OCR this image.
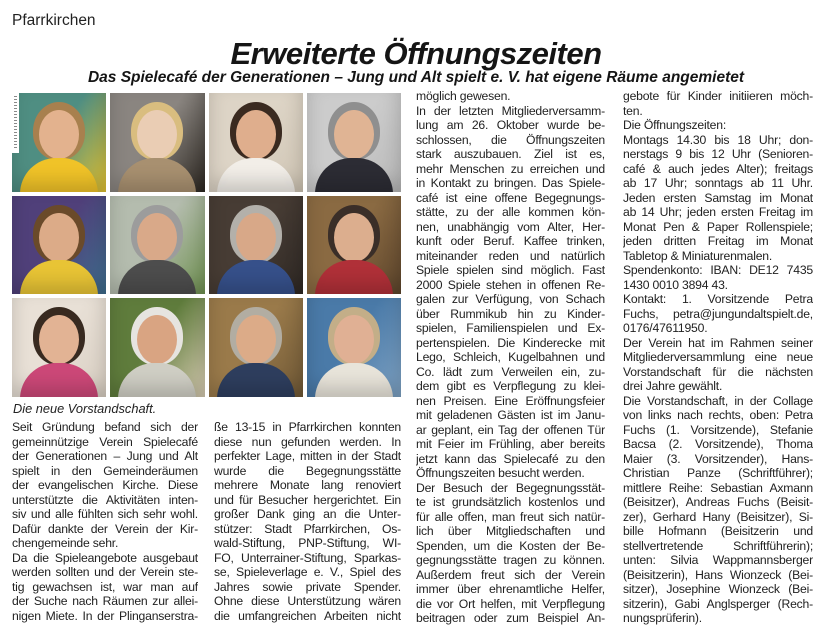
Pfarrkirchen
Erweiterte Öffnungszeiten
Das Spielecafé der Generationen – Jung und Alt spielt e. V. hat eigene Räume angemietet
Die neue Vorstandschaft.
Seit Gründung befand sich der
gemeinnützige Verein Spielecafé
der Generationen – Jung und Alt
spielt in den Gemeinderäumen
der evangelischen Kirche. Diese
unterstützte die Aktivitäten inten-
siv und alle fühlten sich sehr wohl.
Dafür dankte der Verein der Kir-
chengemeinde sehr.
Da die Spieleangebote ausgebaut
werden sollten und der Verein ste-
tig gewachsen ist, war man auf
der Suche nach Räumen zur allei-
nigen Miete. In der Plinganserstra-
ße 13-15 in Pfarrkirchen konnten
diese nun gefunden werden. In
perfekter Lage, mitten in der Stadt
wurde die Begegnungsstätte
mehrere Monate lang renoviert
und für Besucher hergerichtet. Ein
großer Dank ging an die Unter-
stützer: Stadt Pfarrkirchen, Os-
wald-Stiftung, PNP-Stiftung, WI-
FO, Unterrainer-Stiftung, Sparkas-
se, Spieleverlage e. V., Spiel des
Jahres sowie private Spender.
Ohne diese Unterstützung wären
die umfangreichen Arbeiten nicht
möglich gewesen.
In der letzten Mitgliederversamm-
lung am 26. Oktober wurde be-
schlossen, die Öffnungszeiten
stark auszubauen. Ziel ist es,
mehr Menschen zu erreichen und
in Kontakt zu bringen. Das Spiele-
café ist eine offene Begegnungs-
stätte, zu der alle kommen kön-
nen, unabhängig vom Alter, Her-
kunft oder Beruf. Kaffee trinken,
miteinander reden und natürlich
Spiele spielen sind möglich. Fast
2000 Spiele stehen in offenen Re-
galen zur Verfügung, von Schach
über Rummikub hin zu Kinder-
spielen, Familienspielen und Ex-
pertenspielen. Die Kinderecke mit
Lego, Schleich, Kugelbahnen und
Co. lädt zum Verweilen ein, zu-
dem gibt es Verpflegung zu klei-
nen Preisen. Eine Eröffnungsfeier
mit geladenen Gästen ist im Janu-
ar geplant, ein Tag der offenen Tür
mit Feier im Frühling, aber bereits
jetzt kann das Spielecafé zu den
Öffnungszeiten besucht werden.
Der Besuch der Begegnungsstät-
te ist grundsätzlich kostenlos und
für alle offen, man freut sich natür-
lich über Mitgliedschaften und
Spenden, um die Kosten der Be-
gegnungsstätte tragen zu können.
Außerdem freut sich der Verein
immer über ehrenamtliche Helfer,
die vor Ort helfen, mit Verpflegung
beitragen oder zum Beispiel An-
gebote für Kinder initiieren möch-
ten.
Die Öffnungszeiten:
Montags 14.30 bis 18 Uhr; don-
nerstags 9 bis 12 Uhr (Senioren-
café & auch jedes Alter); freitags
ab 17 Uhr; sonntags ab 11 Uhr.
Jeden ersten Samstag im Monat
ab 14 Uhr; jeden ersten Freitag im
Monat Pen & Paper Rollenspiele;
jeden dritten Freitag im Monat
Tabletop & Miniaturenmalen.
Spendenkonto: IBAN: DE12 7435
1430 0010 3894 43.
Kontakt: 1. Vorsitzende Petra
Fuchs, petra@jungundaltspielt.de,
0176/47611950.
Der Verein hat im Rahmen seiner
Mitgliederversammlung eine neue
Vorstandschaft für die nächsten
drei Jahre gewählt.
Die Vorstandschaft, in der Collage
von links nach rechts, oben: Petra
Fuchs (1. Vorsitzende), Stefanie
Bacsa (2. Vorsitzende), Thoma
Maier (3. Vorsitzender), Hans-
Christian Panze (Schriftführer);
mittlere Reihe: Sebastian Axmann
(Beisitzer), Andreas Fuchs (Beisit-
zer), Gerhard Hany (Beisitzer), Si-
bille Hofmann (Beisitzerin und
stellvertretende Schriftführerin);
unten: Silvia Wappmannsberger
(Beisitzerin), Hans Wionzeck (Bei-
sitzer), Josephine Wionzeck (Bei-
sitzerin), Gabi Anglsperger (Rech-
nungsprüferin).
